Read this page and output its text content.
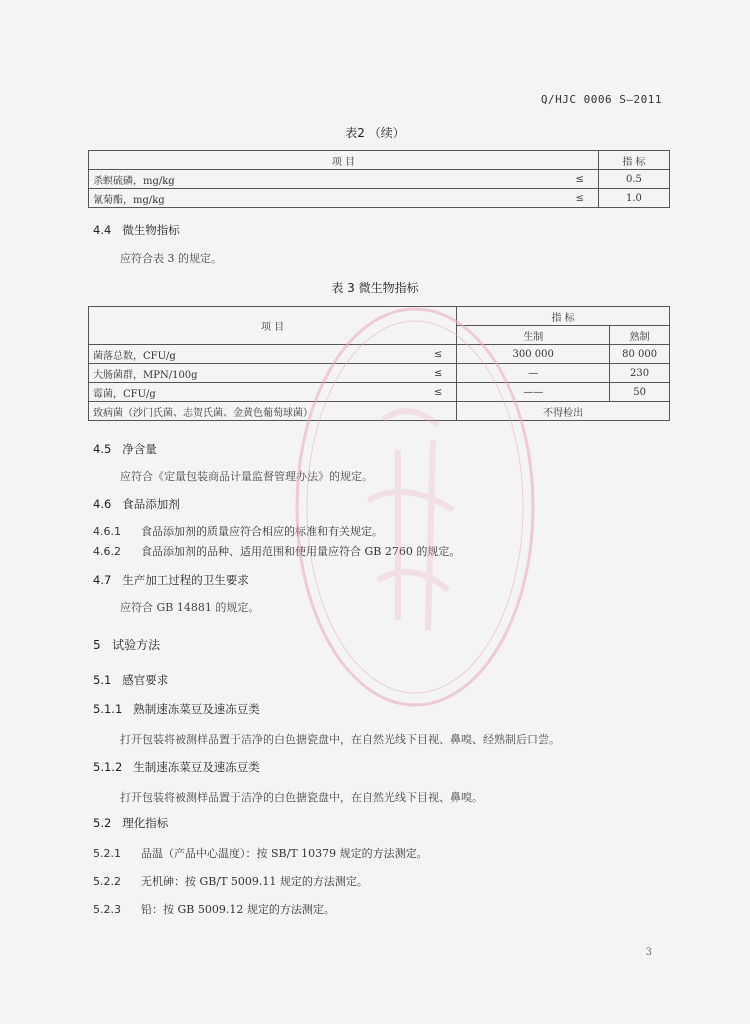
Q/HJC 0006 S—2011
表2 （续）
项 目		指 标
杀螟硫磷，mg/kg	≤	0.5
氰菊酯，mg/kg	≤	1.0
4.4 微生物指标
应符合表 3 的规定。
表 3 微生物指标
项 目		指 标	
		生制	熟制
菌落总数，CFU/g	≤	300 000	80 000
大肠菌群，MPN/100g	≤	—	230
霉菌，CFU/g	≤	——	50
致病菌（沙门氏菌、志贺氏菌、金黄色葡萄球菌）		不得检出	
4.5 净含量
应符合《定量包装商品计量监督管理办法》的规定。
4.6 食品添加剂
4.6.1 食品添加剂的质量应符合相应的标准和有关规定。
4.6.2 食品添加剂的品种、适用范围和使用量应符合 GB 2760 的规定。
4.7 生产加工过程的卫生要求
应符合 GB 14881 的规定。
5 试验方法
5.1 感官要求
5.1.1 熟制速冻菜豆及速冻豆类
打开包装将被测样品置于洁净的白色搪瓷盘中，在自然光线下目视、鼻嗅、经熟制后口尝。
5.1.2 生制速冻菜豆及速冻豆类
打开包装将被测样品置于洁净的白色搪瓷盘中，在自然光线下目视、鼻嗅。
5.2 理化指标
5.2.1 品温（产品中心温度）：按 SB/T 10379 规定的方法测定。
5.2.2 无机砷：按 GB/T 5009.11 规定的方法测定。
5.2.3 铅：按 GB 5009.12 规定的方法测定。
3
